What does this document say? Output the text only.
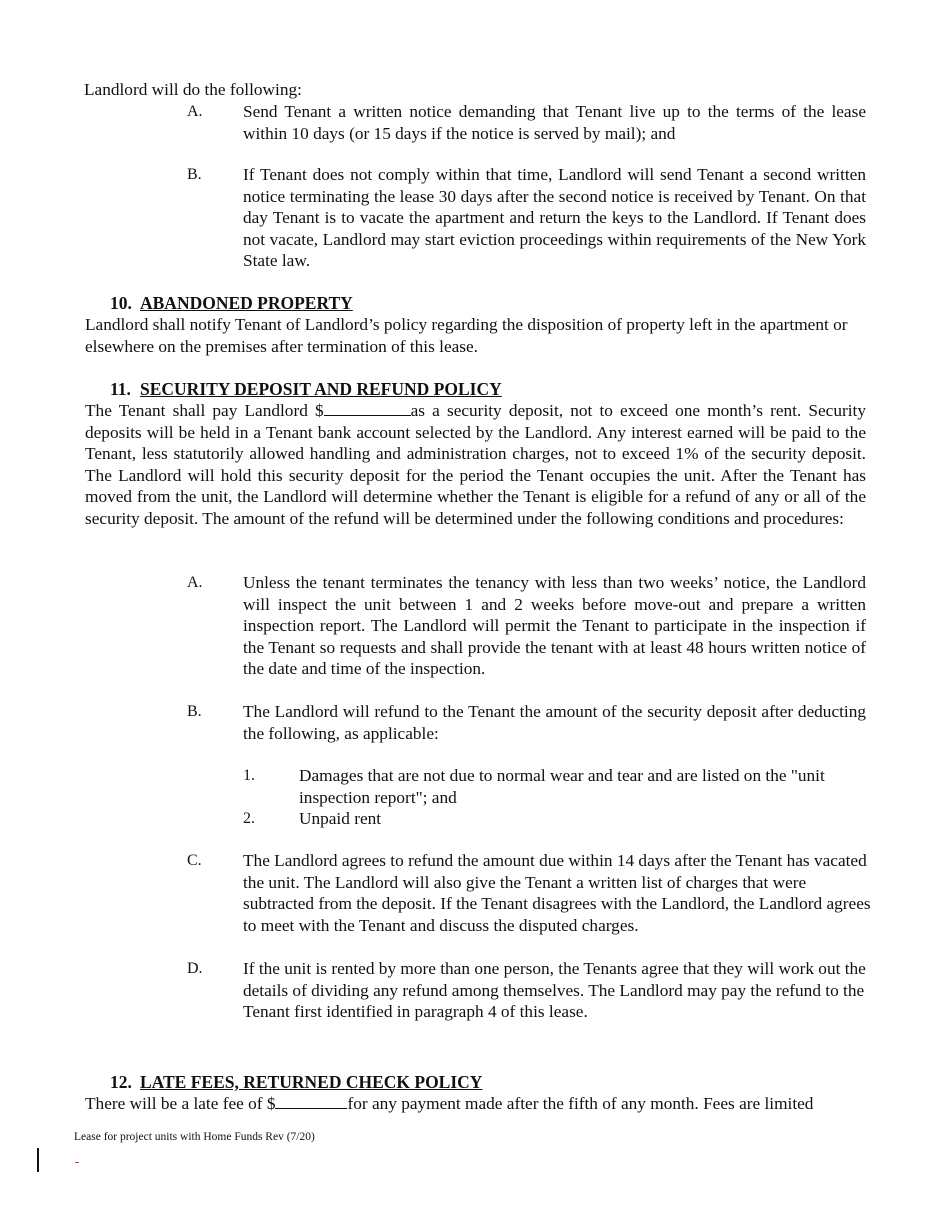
Landlord will do the following:

A. Send Tenant a written notice demanding that Tenant live up to the terms of the lease within 10 days (or 15 days if the notice is served by mail); and

B. If Tenant does not comply within that time, Landlord will send Tenant a second written notice terminating the lease 30 days after the second notice is received by Tenant. On that day Tenant is to vacate the apartment and return the keys to the Landlord. If Tenant does not vacate, Landlord may start eviction proceedings within requirements of the New York State law.

10. ABANDONED PROPERTY

Landlord shall notify Tenant of Landlord’s policy regarding the disposition of property left in the apartment or elsewhere on the premises after termination of this lease.

11. SECURITY DEPOSIT AND REFUND POLICY

The Tenant shall pay Landlord $	as a security deposit, not to exceed one month’s rent. Security deposits will be held in a Tenant bank account selected by the Landlord. Any interest earned will be paid to the Tenant, less statutorily allowed handling and administration charges, not to exceed 1% of the security deposit. The Landlord will hold this security deposit for the period the Tenant occupies the unit. After the Tenant has moved from the unit, the Landlord will determine whether the Tenant is eligible for a refund of any or all of the security deposit. The amount of the refund will be determined under the following conditions and procedures:

A. Unless the tenant terminates the tenancy with less than two weeks’ notice, the Landlord will inspect the unit between 1 and 2 weeks before move-out and prepare a written inspection report. The Landlord will permit the Tenant to participate in the inspection if the Tenant so requests and shall provide the tenant with at least 48 hours written notice of the date and time of the inspection.

B. The Landlord will refund to the Tenant the amount of the security deposit after deducting the following, as applicable:

1.	Damages that are not due to normal wear and tear and are listed on the "unit inspection report"; and

2.	Unpaid rent

C. The Landlord agrees to refund the amount due within 14 days after the Tenant has vacated the unit. The Landlord will also give the Tenant a written list of charges that were subtracted from the deposit. If the Tenant disagrees with the Landlord, the Landlord agrees to meet with the Tenant and discuss the disputed charges.

D. If the unit is rented by more than one person, the Tenants agree that they will work out the details of dividing any refund among themselves. The Landlord may pay the refund to the Tenant first identified in paragraph 4 of this lease.

12. LATE FEES, RETURNED CHECK POLICY

There will be a late fee of $	for any payment made after the fifth of any month. Fees are limited

Lease for project units with Home Funds Rev (7/20)
